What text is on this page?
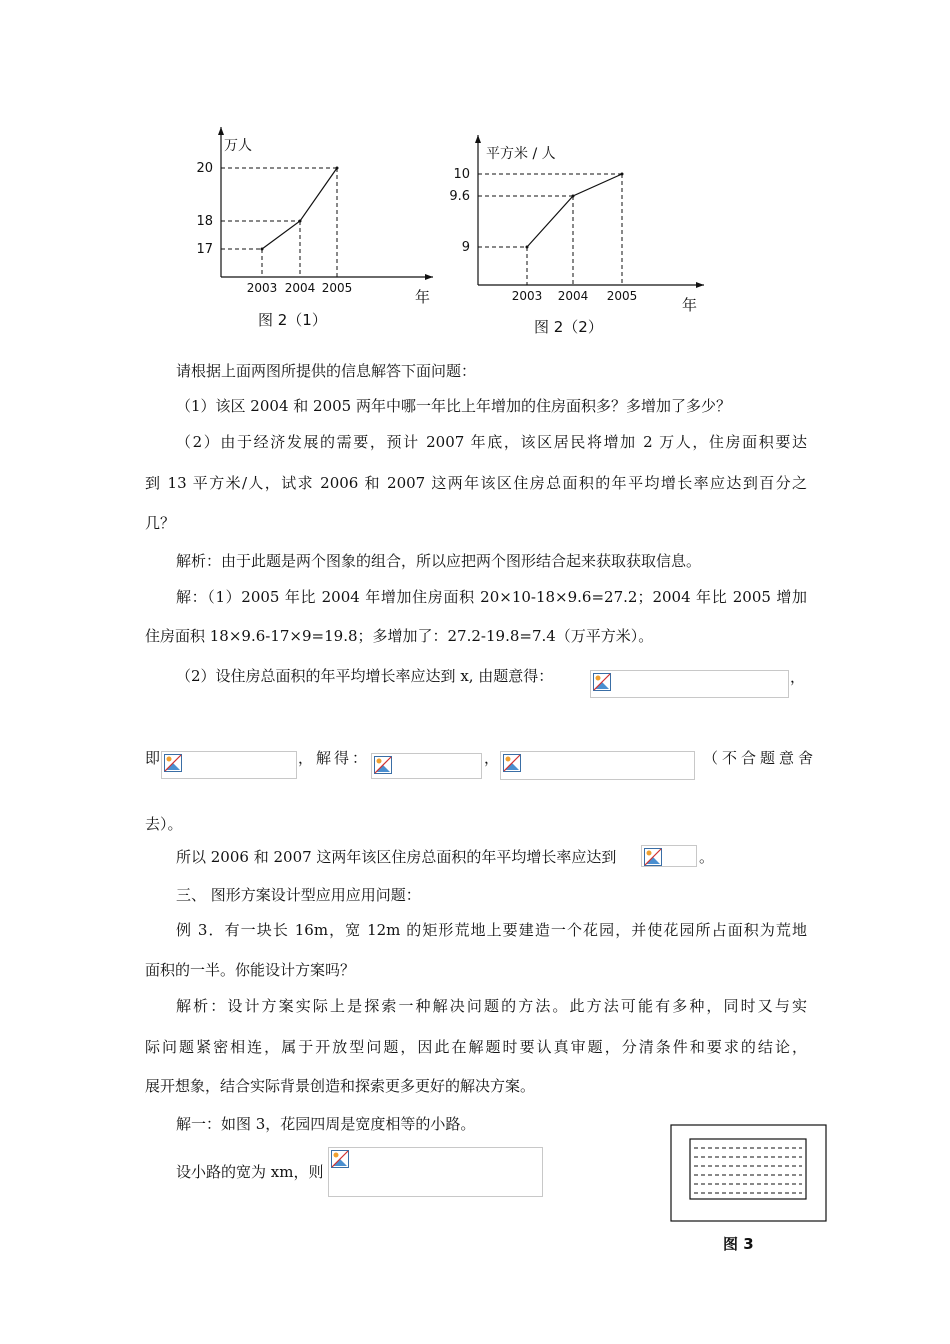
万人
年
2003
17
2004
18
2005
20
图 2（1）
平方米 / 人
年
2003
9
2004
9.6
2005
10
图 2（2）
请根据上面两图所提供的信息解答下面问题：
（1）该区 2004 和 2005 两年中哪一年比上年增加的住房面积多？多增加了多少？
（2）由于经济发展的需要，预计 2007 年底，该区居民将增加 2 万人，住房面积要达
到 13 平方米/人，试求 2006 和 2007 这两年该区住房总面积的年平均增长率应达到百分之
几？
解析：由于此题是两个图象的组合，所以应把两个图形结合起来获取获取信息。
解：（1）2005 年比 2004 年增加住房面积 20×10-18×9.6=27.2；2004 年比 2005 增加
住房面积 18×9.6-17×9=19.8；多增加了：27.2-19.8=7.4（万平方米）。
（2）设住房总面积的年平均增长率应达到 x, 由题意得：	，
即	，解得：	，	（不合题意舍
去）。
所以 2006 和 2007 这两年该区住房总面积的年平均增长率应达到	。
三、 图形方案设计型应用应用问题：
例 3．有一块长 16m，宽 12m 的矩形荒地上要建造一个花园，并使花园所占面积为荒地
面积的一半。你能设计方案吗？
解析：设计方案实际上是探索一种解决问题的方法。此方法可能有多种，同时又与实
际问题紧密相连，属于开放型问题，因此在解题时要认真审题，分清条件和要求的结论，
展开想象，结合实际背景创造和探索更多更好的解决方案。
解一：如图 3，花园四周是宽度相等的小路。
设小路的宽为 xm，则
图 3
